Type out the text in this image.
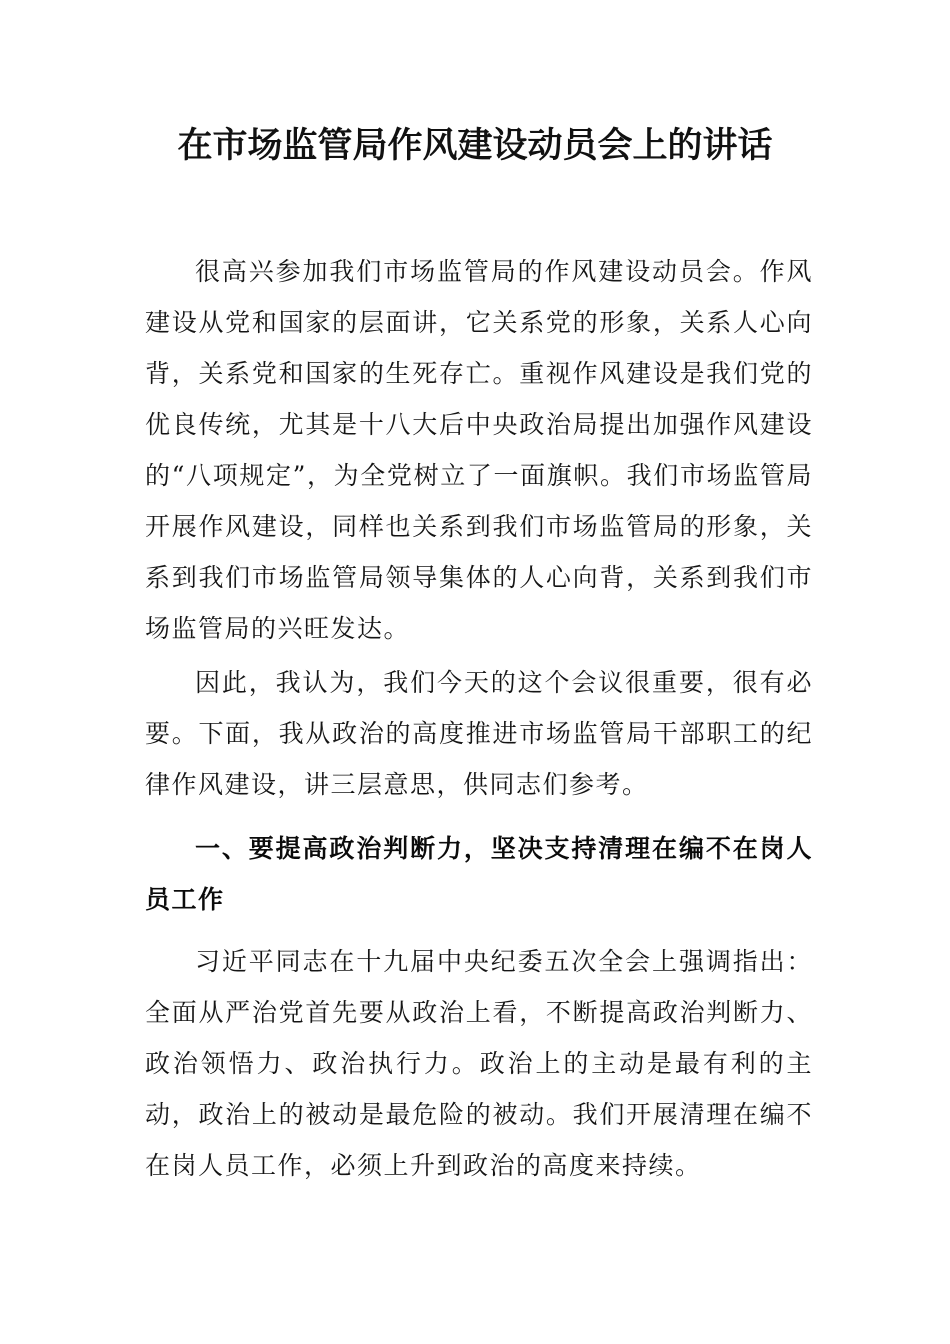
在市场监管局作风建设动员会上的讲话

很高兴参加我们市场监管局的作风建设动员会。作风建设从党和国家的层面讲，它关系党的形象，关系人心向背，关系党和国家的生死存亡。重视作风建设是我们党的优良传统，尤其是十八大后中央政治局提出加强作风建设的“八项规定”，为全党树立了一面旗帜。我们市场监管局开展作风建设，同样也关系到我们市场监管局的形象，关系到我们市场监管局领导集体的人心向背，关系到我们市场监管局的兴旺发达。

因此，我认为，我们今天的这个会议很重要，很有必要。下面，我从政治的高度推进市场监管局干部职工的纪律作风建设，讲三层意思，供同志们参考。

一、要提高政治判断力，坚决支持清理在编不在岗人员工作

习近平同志在十九届中央纪委五次全会上强调指出：全面从严治党首先要从政治上看，不断提高政治判断力、政治领悟力、政治执行力。政治上的主动是最有利的主动，政治上的被动是最危险的被动。我们开展清理在编不在岗人员工作，必须上升到政治的高度来持续。
